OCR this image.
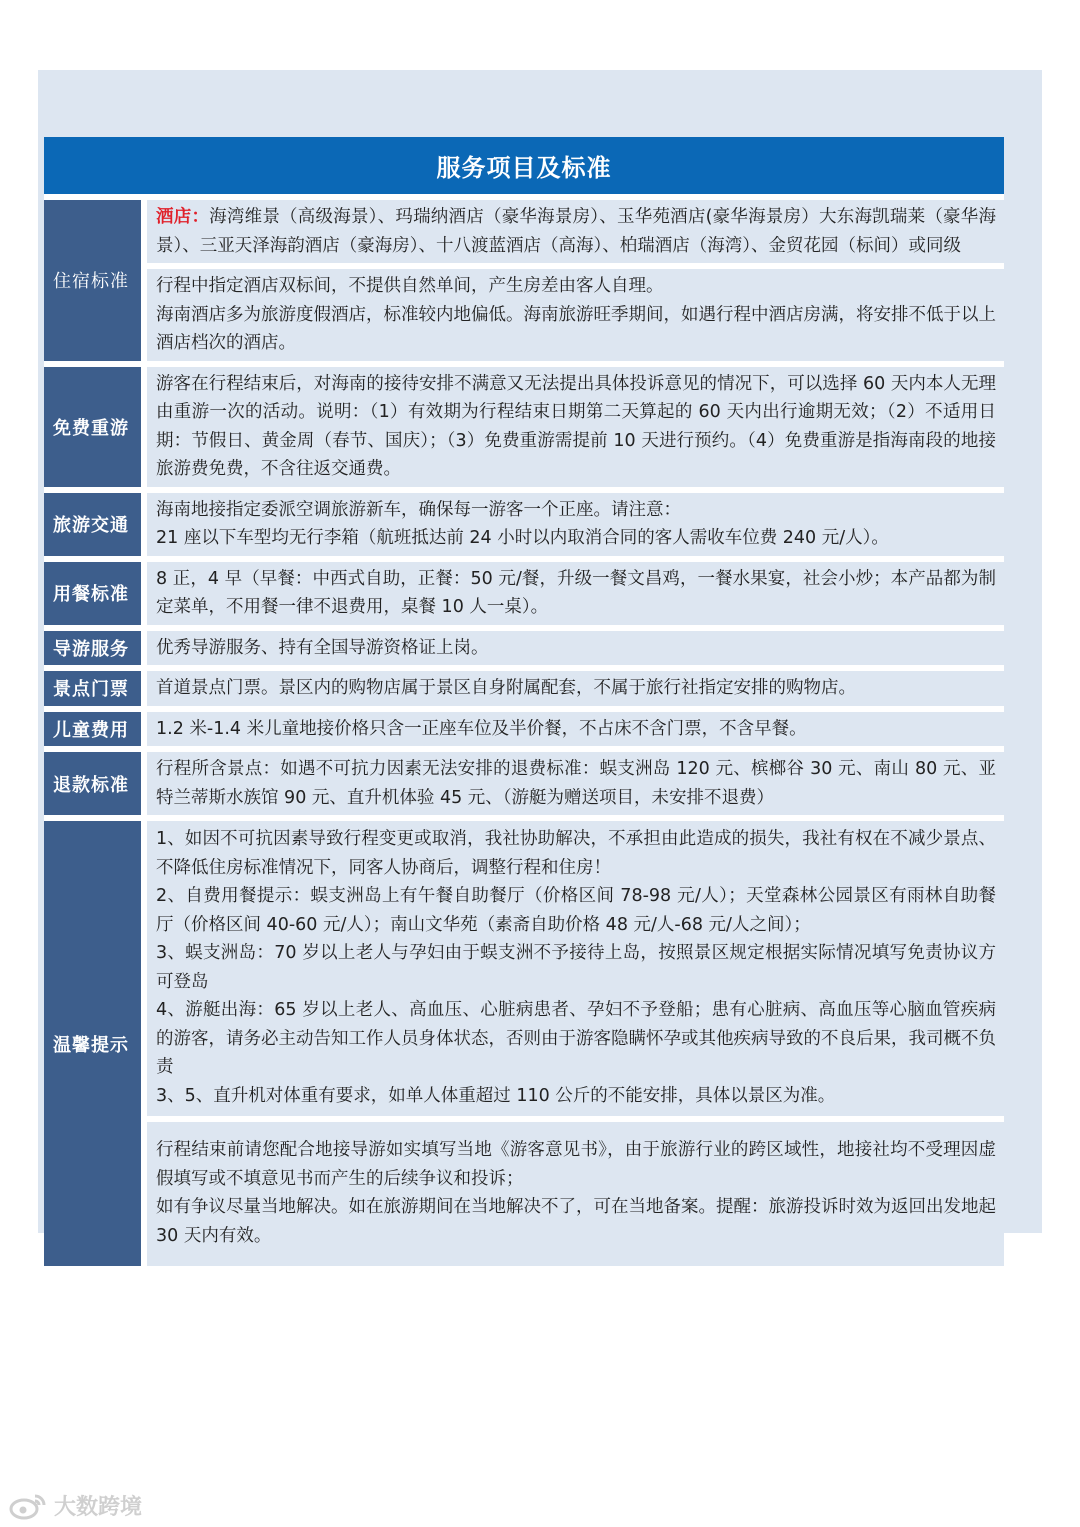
服务项目及标准
住宿标准
酒店：海湾维景（高级海景）、玛瑞纳酒店（豪华海景房）、玉华苑酒店(豪华海景房）大东海凯瑞莱（豪华海景）、三亚天泽海韵酒店（豪海房）、十八渡蓝酒店（高海）、柏瑞酒店（海湾）、金贸花园（标间）或同级

行程中指定酒店双标间，不提供自然单间，产生房差由客人自理。

海南酒店多为旅游度假酒店，标准较内地偏低。海南旅游旺季期间，如遇行程中酒店房满，将安排不低于以上酒店档次的酒店。

免费重游
游客在行程结束后，对海南的接待安排不满意又无法提出具体投诉意见的情况下，可以选择 60 天内本人无理由重游一次的活动。说明：（1）有效期为行程结束日期第二天算起的 60 天内出行逾期无效；（2）不适用日期：节假日、黄金周（春节、国庆）；（3）免费重游需提前 10 天进行预约。（4）免费重游是指海南段的地接旅游费免费，不含往返交通费。
旅游交通

海南地接指定委派空调旅游新车，确保每一游客一个正座。请注意：

21 座以下车型均无行李箱（航班抵达前 24 小时以内取消合同的客人需收车位费 240 元/人）。

用餐标准
8 正，4 早（早餐：中西式自助，正餐：50 元/餐，升级一餐文昌鸡，一餐水果宴，社会小炒；本产品都为制定菜单，不用餐一律不退费用，桌餐 10 人一桌）。
导游服务	优秀导游服务、持有全国导游资格证上岗。
景点门票	首道景点门票。景区内的购物店属于景区自身附属配套，不属于旅行社指定安排的购物店。
儿童费用	1.2 米-1.4 米儿童地接价格只含一正座车位及半价餐，不占床不含门票，不含早餐。
退款标准
行程所含景点：如遇不可抗力因素无法安排的退费标准：蜈支洲岛 120 元、槟榔谷 30 元、南山 80 元、亚特兰蒂斯水族馆 90 元、直升机体验 45 元、（游艇为赠送项目，未安排不退费）
温馨提示

1、如因不可抗因素导致行程变更或取消，我社协助解决，不承担由此造成的损失，我社有权在不减少景点、不降低住房标准情况下，同客人协商后，调整行程和住房！

2、自费用餐提示：蜈支洲岛上有午餐自助餐厅（价格区间 78-98 元/人）；天堂森林公园景区有雨林自助餐厅（价格区间 40-60 元/人）；南山文华苑（素斋自助价格 48 元/人-68 元/人之间）；

3、蜈支洲岛：70 岁以上老人与孕妇由于蜈支洲不予接待上岛，按照景区规定根据实际情况填写免责协议方可登岛

4、游艇出海：65 岁以上老人、高血压、心脏病患者、孕妇不予登船；患有心脏病、高血压等心脑血管疾病的游客，请务必主动告知工作人员身体状态，否则由于游客隐瞒怀孕或其他疾病导致的不良后果，我司概不负责

3、5、直升机对体重有要求，如单人体重超过 110 公斤的不能安排，具体以景区为准。

行程结束前请您配合地接导游如实填写当地《游客意见书》，由于旅游行业的跨区域性，地接社均不受理因虚假填写或不填意见书而产生的后续争议和投诉；

如有争议尽量当地解决。如在旅游期间在当地解决不了，可在当地备案。提醒：旅游投诉时效为返回出发地起 30 天内有效。

大数跨境
